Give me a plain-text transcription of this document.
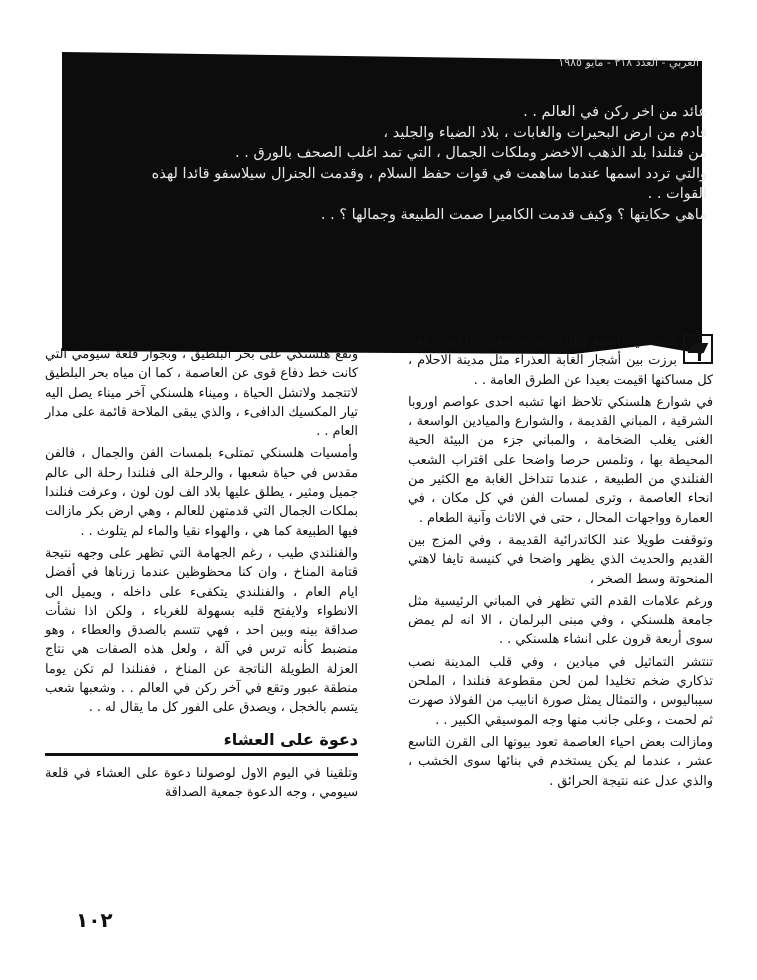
العربي - العدد ٣١٨ - مايو ١٩٨٥

عائد من اخر ركن في العالم . .

قادم من ارض البحيرات والغابات ، بلاد الضياء والجليد ،

من فنلندا بلد الذهب الاخضر وملكات الجمال ، التي تمد اغلب الصحف بالورق . .

والتي تردد اسمها عندما ساهمت في قوات حفظ السلام ، وقدمت الجنرال سيلاسفو قائدا لهذه القوات . .

ماهي حكايتها ؟ وكيف قدمت الكاميرا صمت الطبيعة وجمالها ؟ . .

هلسنكي عاصمة فنلندا ، مدينة صغيرة ولكنها جيلة ، برزت بين أشجار الغابة العذراء مثل مدينة الاحلام ، كل مساكنها اقيمت بعيدا عن الطرق العامة . .

في شوارع هلسنكي تلاحظ انها تشبه احدى عواصم اوروبا الشرقية ، المباني القديمة ، والشوارع والميادين الواسعة ، الغنى يغلب الضخامة ، والمباني جزء من البيئة الحية المحيطة بها ، وتلمس حرصا واضحا على اقتراب الشعب الفنلندي من الطبيعة ، عندما تتداخل الغابة مع الكثير من انحاء العاصمة ، وترى لمسات الفن في كل مكان ، في العمارة وواجهات المحال ، حتى في الاثاث وآنية الطعام .

وتوقفت طويلا عند الكاتدرائية القديمة ، وفي المزج بين القديم والحديث الذي يظهر واضحا في كنيسة تايفا لاهتي المنحوتة وسط الصخر ،

ورغم علامات القدم التي تظهر في المباني الرئيسية مثل جامعة هلسنكي ، وفي مبنى البرلمان ، الا انه لم يمض سوى أربعة قرون على انشاء هلسنكي . .

تنتشر التماثيل في ميادين ، وفي قلب المدينة نصب تذكاري ضخم تخليدا لمن لحن مقطوعة فنلندا ، الملحن سيباليوس ، والتمثال يمثل صورة انابيب من الفولاذ صهرت ثم لحمت ، وعلى جانب منها وجه الموسيقي الكبير . .

ومازالت بعض احياء العاصمة تعود بيوتها الى القرن التاسع عشر ، عندما لم يكن يستخدم في بنائها سوى الخشب ، والذي عدل عنه نتيجة الحرائق .

وتقع هلسنكي على بحر البلطيق ، وبجوار قلعة سيومي التي كانت خط دفاع قوى عن العاصمة ، كما ان مياه بحر البلطيق لاتتجمد ولاتشل الحياة ، وميناء هلسنكي آخر ميناء يصل اليه تيار المكسيك الدافىء ، والذي يبقى الملاحة قائمة على مدار العام . .

وأمسيات هلسنكي تمتلىء بلمسات الفن والجمال ، فالفن مقدس في حياة شعبها ، والرحلة الى فنلندا رحلة الى عالم جميل ومثير ، يطلق عليها بلاد الف لون لون ، وعرفت فنلندا بملكات الجمال التي قدمتهن للعالم ، وهي ارض بكر مازالت فيها الطبيعة كما هي ، والهواء نقيا والماء لم يتلوث . .

والفنلندي طيب ، رغم الجهامة التي تظهر على وجهه نتيجة قتامة المناخ ، وان كنا محظوظين عندما زرناها في أفضل ايام العام ، والفنلندي يتكفىء على داخله ، ويميل الى الانطواء ولايفتح قلبه بسهولة للغرباء ، ولكن اذا نشأت صداقة بينه وبين احد ، فهي تتسم بالصدق والعطاء ، وهو منضبط كأنه ترس في آلة ، ولعل هذه الصفات هي نتاج العزلة الطويلة الناتجة عن المناخ ، ففنلندا لم تكن يوما منطقة عبور وتقع في آخر ركن في العالم . . وشعبها شعب يتسم بالخجل ، ويصدق على الفور كل ما يقال له . .

دعوة على العشاء

وتلقينا في اليوم الاول لوصولنا دعوة على العشاء في قلعة سيومي ، وجه الدعوة جمعية الصداقة

١٠٢
